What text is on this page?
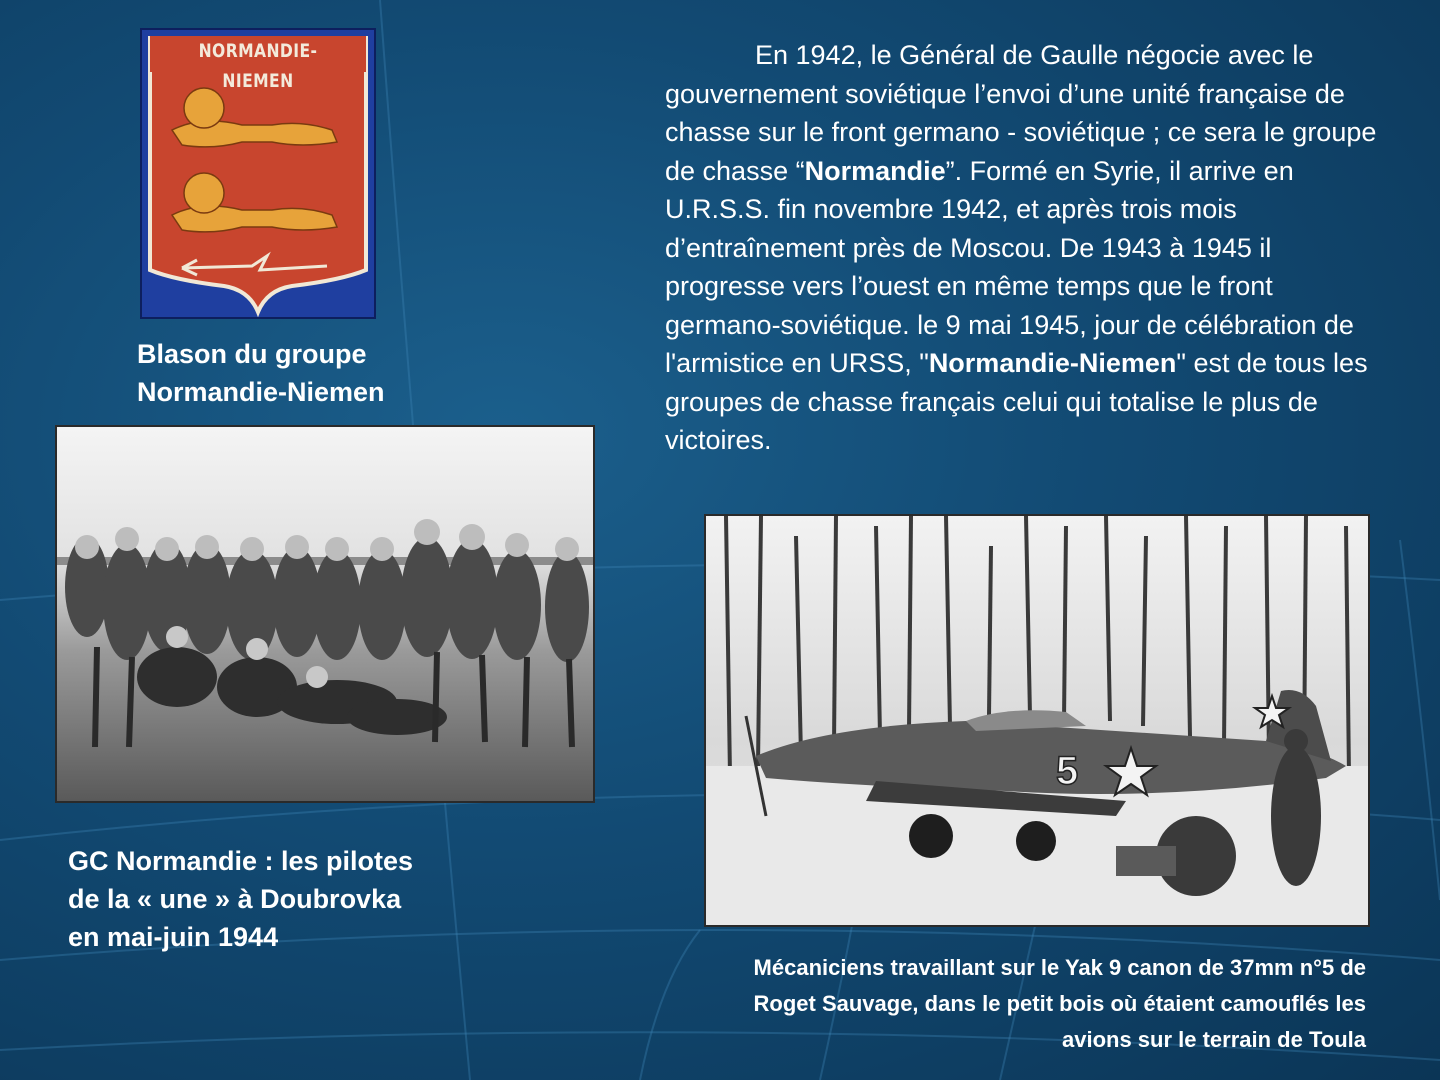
NORMANDIE-NIEMEN

Blason du groupe
Normandie-Niemen

En 1942, le Général de Gaulle négocie avec le gouvernement soviétique l’envoi d’une unité française de chasse sur le front germano - soviétique ; ce sera le groupe de chasse “Normandie”. Formé en Syrie, il arrive en U.R.S.S. fin novembre 1942, et après trois mois d’entraînement près de Moscou. De 1943 à 1945 il progresse vers l’ouest en même temps que le front germano-soviétique. le 9 mai 1945, jour de célébration de l'armistice en URSS, "Normandie-Niemen" est de tous les groupes de chasse français celui qui totalise le plus de victoires.

GC Normandie : les pilotes
de la « une » à Doubrovka
en mai-juin 1944

5

Mécaniciens travaillant sur le Yak 9 canon de 37mm n°5 de
Roget Sauvage, dans le petit bois où étaient camouflés les
avions sur le terrain de Toula
